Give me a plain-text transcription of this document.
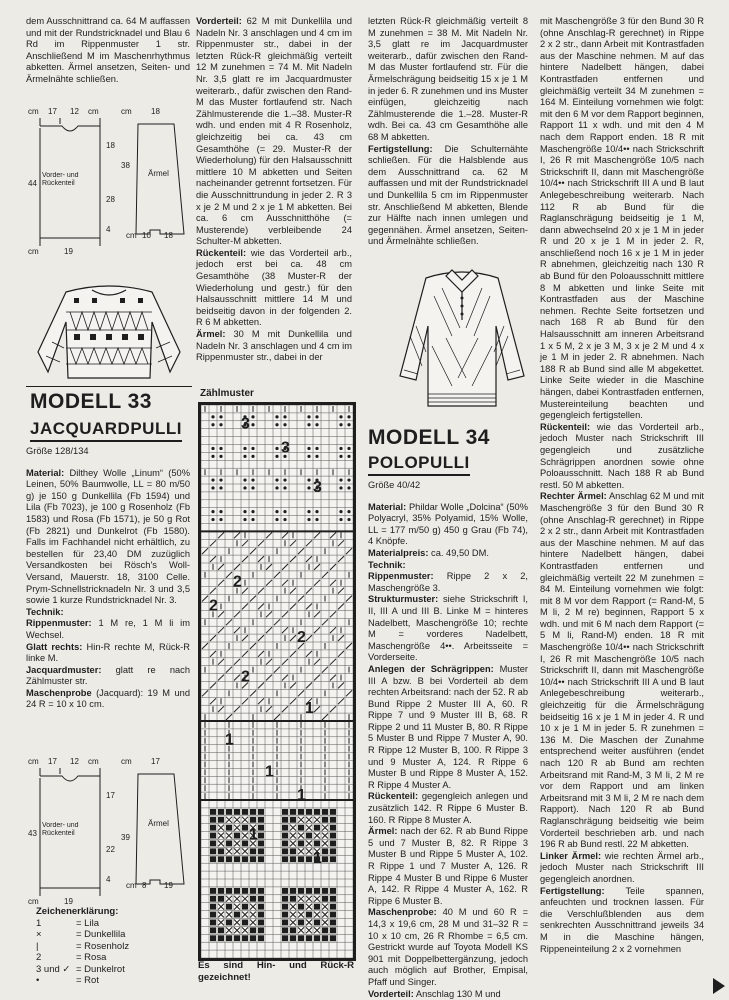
dem Ausschnittrand ca. 64 M auffassen und mit der Rundstricknadel und Blau 6 Rd im Rippenmuster 1 str. Anschließend M im Maschenrhythmus abketten. Ärmel ansetzen, Seiten- und Ärmelnähte schließen.

cm 17 12 cm	cm 18
18
28
38
44
4
cm	19
cm 10 18
Vorder- und Rückenteil
Ärmel
MODELL 33
JACQUARDPULLI

Größe 128/134

Material: Dilthey Wolle „Linum“ (50% Leinen, 50% Baumwolle, LL = 80 m/50 g) je 150 g Dunkellila (Fb 1594) und Lila (Fb 7023), je 100 g Rosenholz (Fb 1583) und Rosa (Fb 1571), je 50 g Rot (Fb 2821) und Dunkelrot (Fb 1580). Falls im Fachhandel nicht erhältlich, zu bestellen für 23,40 DM zuzüglich Versandkosten bei Rösch's Woll-Versand, Mauerstr. 18, 3100 Celle. Prym-Schnellstricknadeln Nr. 3 und 3,5 sowie 1 kurze Rundstricknadel Nr. 3.

Technik:

Rippenmuster: 1 M re, 1 M li im Wechsel.

Glatt rechts: Hin-R rechte M, Rück-R linke M.

Jacquardmuster: glatt re nach Zählmuster str.

Maschenprobe (Jacquard): 19 M und 24 R = 10 x 10 cm.

cm 17 12 cm	cm 17
17
22
39
43
4
cm	19
cm 8 19
Vorder- und Rückenteil
Ärmel
Zeichenerklärung:
1	= Lila
×	= Dunkellila
|	= Rosenholz
2	= Rosa
3 und ✓ = Dunkelrot
•	= Rot

Vorderteil: 62 M mit Dunkellila und Nadeln Nr. 3 anschlagen und 4 cm im Rippenmuster str., dabei in der letzten Rück-R gleichmäßig verteilt 12 M zunehmen = 74 M. Mit Nadeln Nr. 3,5 glatt re im Jacquardmuster weiterarb., dafür zwischen den Rand-M das Muster fortlaufend str. Nach Zählmusterende die 1.–38. Muster-R wdh. und enden mit 4 R Rosenholz, gleichzeitig bei ca. 43 cm Gesamthöhe (= 29. Muster-R der Wiederholung) für den Halsausschnitt mittlere 10 M abketten und Seiten nacheinander getrennt fortsetzen. Für die Ausschnittrundung in jeder 2. R 3 x je 2 M und 2 x je 1 M abketten. Bei ca. 6 cm Ausschnitthöhe (= Musterende) verbleibende 24 Schulter-M abketten.

Rückenteil: wie das Vorderteil arb., jedoch erst bei ca. 48 cm Gesamthöhe (38 Muster-R der Wiederholung und gestr.) für den Halsausschnitt mittlere 14 M und beidseitig davon in der folgenden 2. R 6 M abketten.

Ärmel: 30 M mit Dunkellila und Nadeln Nr. 3 anschlagen und 4 cm im Rippenmuster str., dabei in der

Zählmuster
3
3
3
2
2
2
2
1
1
1
1
1
1

Es sind Hin- und Rück-R gezeichnet!

letzten Rück-R gleichmäßig verteilt 8 M zunehmen = 38 M. Mit Nadeln Nr. 3,5 glatt re im Jacquardmuster weiterarb., dafür zwischen den Rand-M das Muster fortlaufend str. Für die Ärmelschrägung beidseitig 15 x je 1 M in jeder 6. R zunehmen und ins Muster einfügen, gleichzeitig nach Zählmusterende die 1.–28. Muster-R wdh. Bei ca. 43 cm Gesamthöhe alle 68 M abketten.

Fertigstellung: Die Schulternähte schließen. Für die Halsblende aus dem Ausschnittrand ca. 62 M auffassen und mit der Rundstricknadel und Dunkellila 5 cm im Rippenmuster str. Anschließend M abketten, Blende zur Hälfte nach innen umlegen und gegennähen. Ärmel ansetzen, Seiten- und Ärmelnähte schließen.

MODELL 34
POLOPULLI

Größe 40/42

Material: Phildar Wolle „Dolcina“ (50% Polyacryl, 35% Polyamid, 15% Wolle, LL = 177 m/50 g) 450 g Grau (Fb 74), 4 Knöpfe.

Materialpreis: ca. 49,50 DM.

Technik:

Rippenmuster: Rippe 2 x 2, Maschengröße 3.

Strukturmuster: siehe Strickschrift I, II, III A und III B. Linke M = hinteres Nadelbett, Maschengröße 10; rechte M = vorderes Nadelbett, Maschengröße 4••. Arbeitsseite = Vorderseite.

Anlegen der Schrägrippen: Muster III A bzw. B bei Vorderteil ab dem rechten Arbeitsrand: nach der 52. R ab Bund Rippe 2 Muster III A, 60. R Rippe 7 und 9 Muster III B, 68. R Rippe 2 und 11 Muster B, 80. R Rippe 5 Muster B und Rippe 7 Muster A, 90. R Rippe 12 Muster B, 100. R Rippe 3 und 9 Muster A, 124. R Rippe 6 Muster B und Rippe 8 Muster A, 152. R Rippe 4 Muster A.

Rückenteil: gegengleich anlegen und zusätzlich 142. R Rippe 6 Muster B. 160. R Rippe 8 Muster A.

Ärmel: nach der 62. R ab Bund Rippe 5 und 7 Muster B, 82. R Rippe 3 Muster B und Rippe 5 Muster A, 102. R Rippe 1 und 7 Muster A, 126. R Rippe 4 Muster B und Rippe 6 Muster A, 142. R Rippe 4 Muster A, 162. R Rippe 6 Muster B.

Maschenprobe: 40 M und 60 R = 14,3 x 19,6 cm, 28 M und 31–32 R = 10 x 10 cm, 26 R Rhombe = 6,5 cm. Gestrickt wurde auf Toyota Modell KS 901 mit Doppelbettergänzung, jedoch auch möglich auf Brother, Empisal, Pfaff und Singer.

Vorderteil: Anschlag 130 M und

mit Maschengröße 3 für den Bund 30 R (ohne Anschlag-R gerechnet) in Rippe 2 x 2 str., dann Arbeit mit Kontrastfaden aus der Maschine nehmen. M auf das hintere Nadelbett hängen, dabei Kontrastfaden entfernen und gleichmäßig verteilt 34 M zunehmen = 164 M. Einteilung vornehmen wie folgt: mit den 6 M vor dem Rapport beginnen, Rapport 11 x wdh. und mit den 4 M nach dem Rapport enden. 18 R mit Maschengröße 10/4•• nach Strickschrift I, 26 R mit Maschengröße 10/5 nach Strickschrift II, dann mit Maschengröße 10/4•• nach Strickschrift III A und B laut Anlegebeschreibung weiterarb. Nach 112 R ab Bund für die Raglanschrägung beidseitig je 1 M, dann abwechselnd 20 x je 1 M in jeder R und 20 x je 1 M in jeder 2. R, anschließend noch 16 x je 1 M in jeder R abnehmen, gleichzeitig nach 130 R ab Bund für den Poloausschnitt mittlere 8 M abketten und linke Seite mit Kontrastfaden aus der Maschine nehmen. Rechte Seite fortsetzen und nach 168 R ab Bund für den Halsausschnitt am inneren Arbeitsrand 1 x 5 M, 2 x je 3 M, 3 x je 2 M und 4 x je 1 M in jeder 2. R abnehmen. Nach 188 R ab Bund sind alle M abgekettet. Linke Seite wieder in die Maschine hängen, dabei Kontrastfaden entfernen, Mustereinteilung beachten und gegengleich fertigstellen.

Rückenteil: wie das Vorderteil arb., jedoch Muster nach Strickschrift III gegengleich und zusätzliche Schrägrippen anordnen sowie ohne Poloausschnitt. Nach 188 R ab Bund restl. 50 M abketten.

Rechter Ärmel: Anschlag 62 M und mit Maschengröße 3 für den Bund 30 R (ohne Anschlag-R gerechnet) in Rippe 2 x 2 str., dann Arbeit mit Kontrastfaden aus der Maschine nehmen. M auf das hintere Nadelbett hängen, dabei Kontrastfaden entfernen und gleichmäßig verteilt 22 M zunehmen = 84 M. Einteilung vornehmen wie folgt: mit 8 M vor dem Rapport (= Rand-M, 5 M li, 2 M re) beginnen, Rapport 5 x wdh. und mit 6 M nach dem Rapport (= 5 M li, Rand-M) enden. 18 R mit Maschengröße 10/4•• nach Strickschrift I, 26 R mit Maschengröße 10/5 nach Strickschrift II, dann mit Maschengröße 10/4•• nach Strickschrift III A und B laut Anlegebeschreibung weiterarb., gleichzeitig für die Ärmelschrägung beidseitig 16 x je 1 M in jeder 4. R und 10 x je 1 M in jeder 5. R zunehmen = 136 M. Die Maschen der Zunahme entsprechend weiter ausführen (endet nach 120 R ab Bund am rechten Arbeitsrand mit Rand-M, 3 M li, 2 M re vor dem Rapport und am linken Arbeitsrand mit 3 M li, 2 M re nach dem Rapport). Nach 120 R ab Bund Raglanschrägung beidseitig wie beim Vorderteil beschrieben arb. und nach 196 R ab Bund restl. 22 M abketten.

Linker Ärmel: wie rechten Ärmel arb., jedoch Muster nach Strickschrift III gegengleich anordnen.

Fertigstellung: Teile spannen, anfeuchten und trocknen lassen. Für die Verschlußblenden aus dem senkrechten Ausschnittrand jeweils 34 M in die Maschine hängen, Rippeneinteilung 2 x 2 vornehmen
